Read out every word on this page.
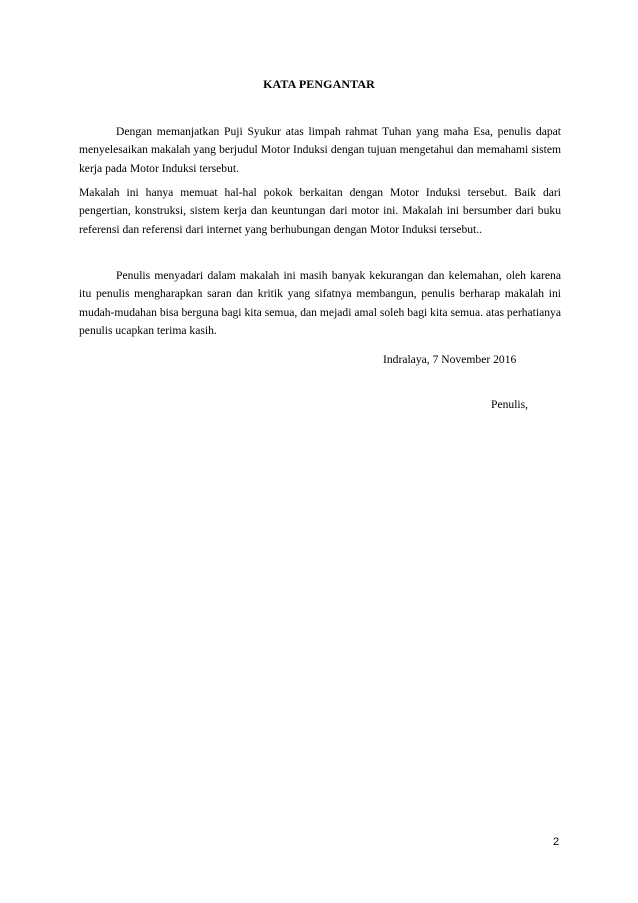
KATA PENGANTAR

Dengan memanjatkan Puji Syukur atas limpah rahmat Tuhan yang maha Esa, penulis dapat menyelesaikan makalah yang berjudul Motor Induksi dengan tujuan mengetahui dan memahami sistem kerja pada Motor Induksi tersebut.

Makalah ini hanya memuat hal-hal pokok berkaitan dengan Motor Induksi tersebut. Baik dari pengertian, konstruksi, sistem kerja dan keuntungan dari motor ini. Makalah ini bersumber dari buku referensi dan referensi dari internet yang berhubungan dengan Motor Induksi tersebut..

Penulis menyadari dalam makalah ini masih banyak kekurangan dan kelemahan, oleh karena itu penulis mengharapkan saran dan kritik yang sifatnya membangun, penulis berharap makalah ini mudah-mudahan bisa berguna bagi kita semua, dan mejadi amal soleh bagi kita semua. atas perhatianya penulis ucapkan terima kasih.

Indralaya, 7 November 2016
Penulis,
2
